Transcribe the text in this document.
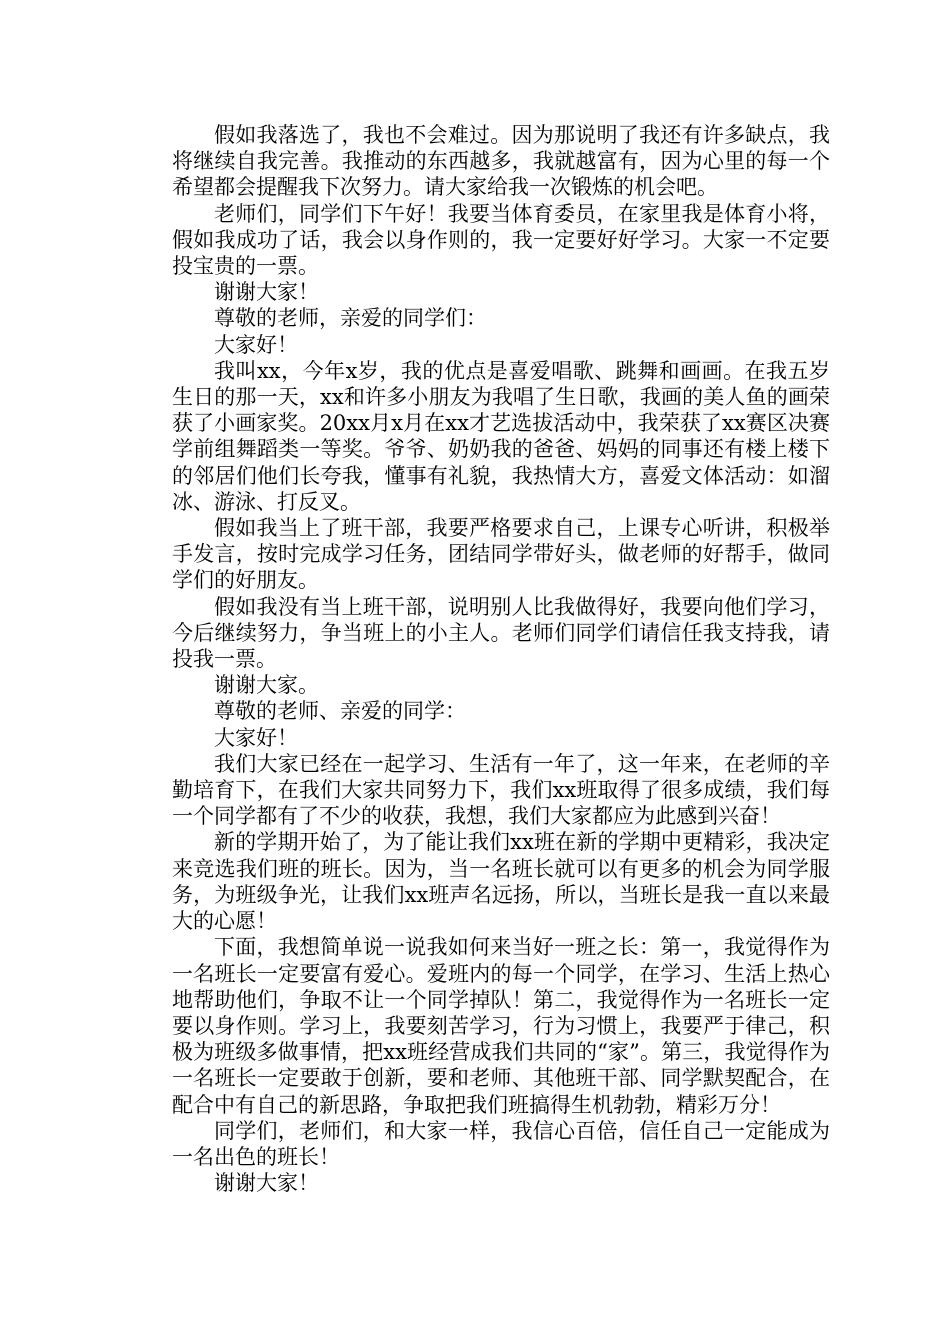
假如我落选了，我也不会难过。因为那说明了我还有许多缺点，我将继续自我完善。我推动的东西越多，我就越富有，因为心里的每一个希望都会提醒我下次努力。请大家给我一次锻炼的机会吧。

老师们，同学们下午好！我要当体育委员，在家里我是体育小将，假如我成功了话，我会以身作则的，我一定要好好学习。大家一不定要投宝贵的一票。

谢谢大家！

尊敬的老师，亲爱的同学们：

大家好！

我叫xx，今年x岁，我的优点是喜爱唱歌、跳舞和画画。在我五岁生日的那一天，xx和许多小朋友为我唱了生日歌，我画的美人鱼的画荣获了小画家奖。20xx月x月在xx才艺选拔活动中，我荣获了xx赛区决赛学前组舞蹈类一等奖。爷爷、奶奶我的爸爸、妈妈的同事还有楼上楼下的邻居们他们长夸我，懂事有礼貌，我热情大方，喜爱文体活动：如溜冰、游泳、打反叉。

假如我当上了班干部，我要严格要求自己，上课专心听讲，积极举手发言，按时完成学习任务，团结同学带好头，做老师的好帮手，做同学们的好朋友。

假如我没有当上班干部，说明别人比我做得好，我要向他们学习，今后继续努力，争当班上的小主人。老师们同学们请信任我支持我，请投我一票。

谢谢大家。

尊敬的老师、亲爱的同学：

大家好！

我们大家已经在一起学习、生活有一年了，这一年来，在老师的辛勤培育下，在我们大家共同努力下，我们xx班取得了很多成绩，我们每一个同学都有了不少的收获，我想，我们大家都应为此感到兴奋！

新的学期开始了，为了能让我们xx班在新的学期中更精彩，我决定来竞选我们班的班长。因为，当一名班长就可以有更多的机会为同学服务，为班级争光，让我们xx班声名远扬，所以，当班长是我一直以来最大的心愿！

下面，我想简单说一说我如何来当好一班之长：第一，我觉得作为一名班长一定要富有爱心。爱班内的每一个同学，在学习、生活上热心地帮助他们，争取不让一个同学掉队！第二，我觉得作为一名班长一定要以身作则。学习上，我要刻苦学习，行为习惯上，我要严于律己，积极为班级多做事情，把xx班经营成我们共同的“家”。第三，我觉得作为一名班长一定要敢于创新，要和老师、其他班干部、同学默契配合，在配合中有自己的新思路，争取把我们班搞得生机勃勃，精彩万分！

同学们，老师们，和大家一样，我信心百倍，信任自己一定能成为一名出色的班长！

谢谢大家！
